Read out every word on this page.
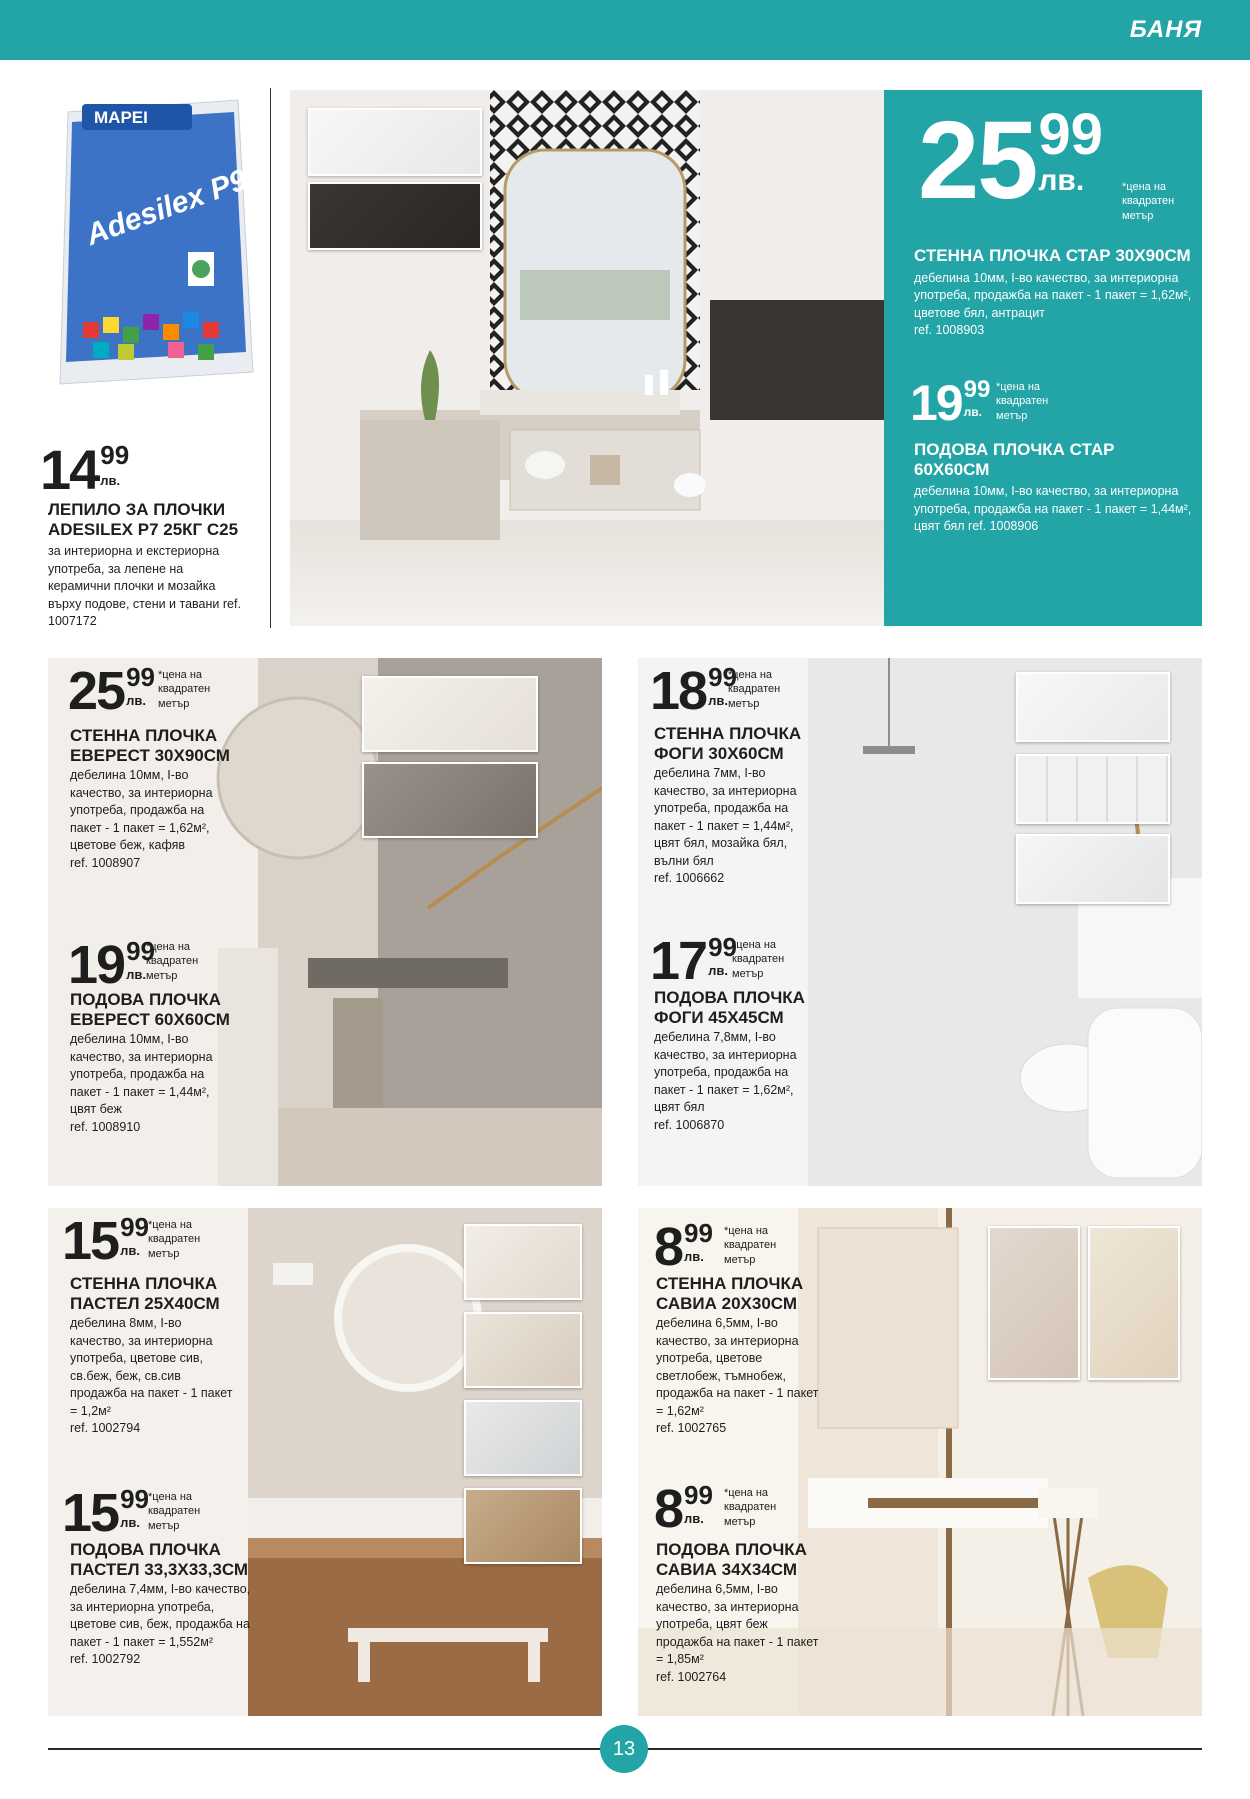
БАНЯ
MAPEI
Adesilex P9
14 99
лв.
ЛЕПИЛО ЗА ПЛОЧКИ
ADESILEX P7 25КГ C25
за интериорна и екстериорна употреба, за лепене на керамични плочки и мозайка върху подове, стени и тавани ref. 1007172
25 99
лв.	*цена на квадратен метър
СТЕННА ПЛОЧКА СТАР 30Х90СМ
дебелина 10мм, I-во качество, за интериорна употреба, продажба на пакет - 1 пакет = 1,62м², цветове бял, антрацит
ref. 1008903
19 99
лв.
*цена на квадратен метър
ПОДОВА ПЛОЧКА СТАР 60Х60СМ
дебелина 10мм, I-во качество, за интериорна употреба, продажба на пакет - 1 пакет = 1,44м², цвят бял ref. 1008906
25 99
лв.
*цена на квадратен метър
СТЕННА ПЛОЧКА
ЕВЕРЕСТ 30Х90СМ
дебелина 10мм, I-во качество, за интериорна употреба, продажба на пакет - 1 пакет = 1,62м², цветове беж, кафяв
ref. 1008907
19 99
лв.
*цена на квадратен метър
ПОДОВА ПЛОЧКА
ЕВЕРЕСТ 60Х60СМ
дебелина 10мм, I-во качество, за интериорна употреба, продажба на пакет - 1 пакет = 1,44м², цвят беж
ref. 1008910
18 99
лв.
*цена на квадратен метър
СТЕННА ПЛОЧКА
ФОГИ 30Х60СМ
дебелина 7мм, I-во качество, за интериорна употреба, продажба на пакет - 1 пакет = 1,44м², цвят бял, мозайка бял, вълни бял
ref. 1006662
17 99
лв.
*цена на квадратен метър
ПОДОВА ПЛОЧКА
ФОГИ 45Х45СМ
дебелина 7,8мм, I-во качество, за интериорна употреба, продажба на пакет - 1 пакет = 1,62м², цвят бял
ref. 1006870
15 99
лв.
*цена на квадратен метър
СТЕННА ПЛОЧКА
ПАСТЕЛ 25Х40СМ
дебелина 8мм, I-во качество, за интериорна употреба, цветове сив, св.беж, беж, св.сив продажба на пакет - 1 пакет = 1,2м²
ref. 1002794
15 99
лв.
*цена на квадратен метър
ПОДОВА ПЛОЧКА
ПАСТЕЛ 33,3Х33,3СМ
дебелина 7,4мм, I-во качество, за интериорна употреба, цветове сив, беж, продажба на пакет - 1 пакет = 1,552м²
ref. 1002792
8 99
лв.
*цена на квадратен метър
СТЕННА ПЛОЧКА
САВИА 20Х30СМ
дебелина 6,5мм, I-во качество, за интериорна употреба, цветове светлобеж, тъмнобеж, продажба на пакет - 1 пакет = 1,62м²
ref. 1002765
8 99
лв.
*цена на квадратен метър
ПОДОВА ПЛОЧКА
САВИА 34Х34СМ
дебелина 6,5мм, I-во качество, за интериорна употреба, цвят беж продажба на пакет - 1 пакет = 1,85м²
ref. 1002764
13
